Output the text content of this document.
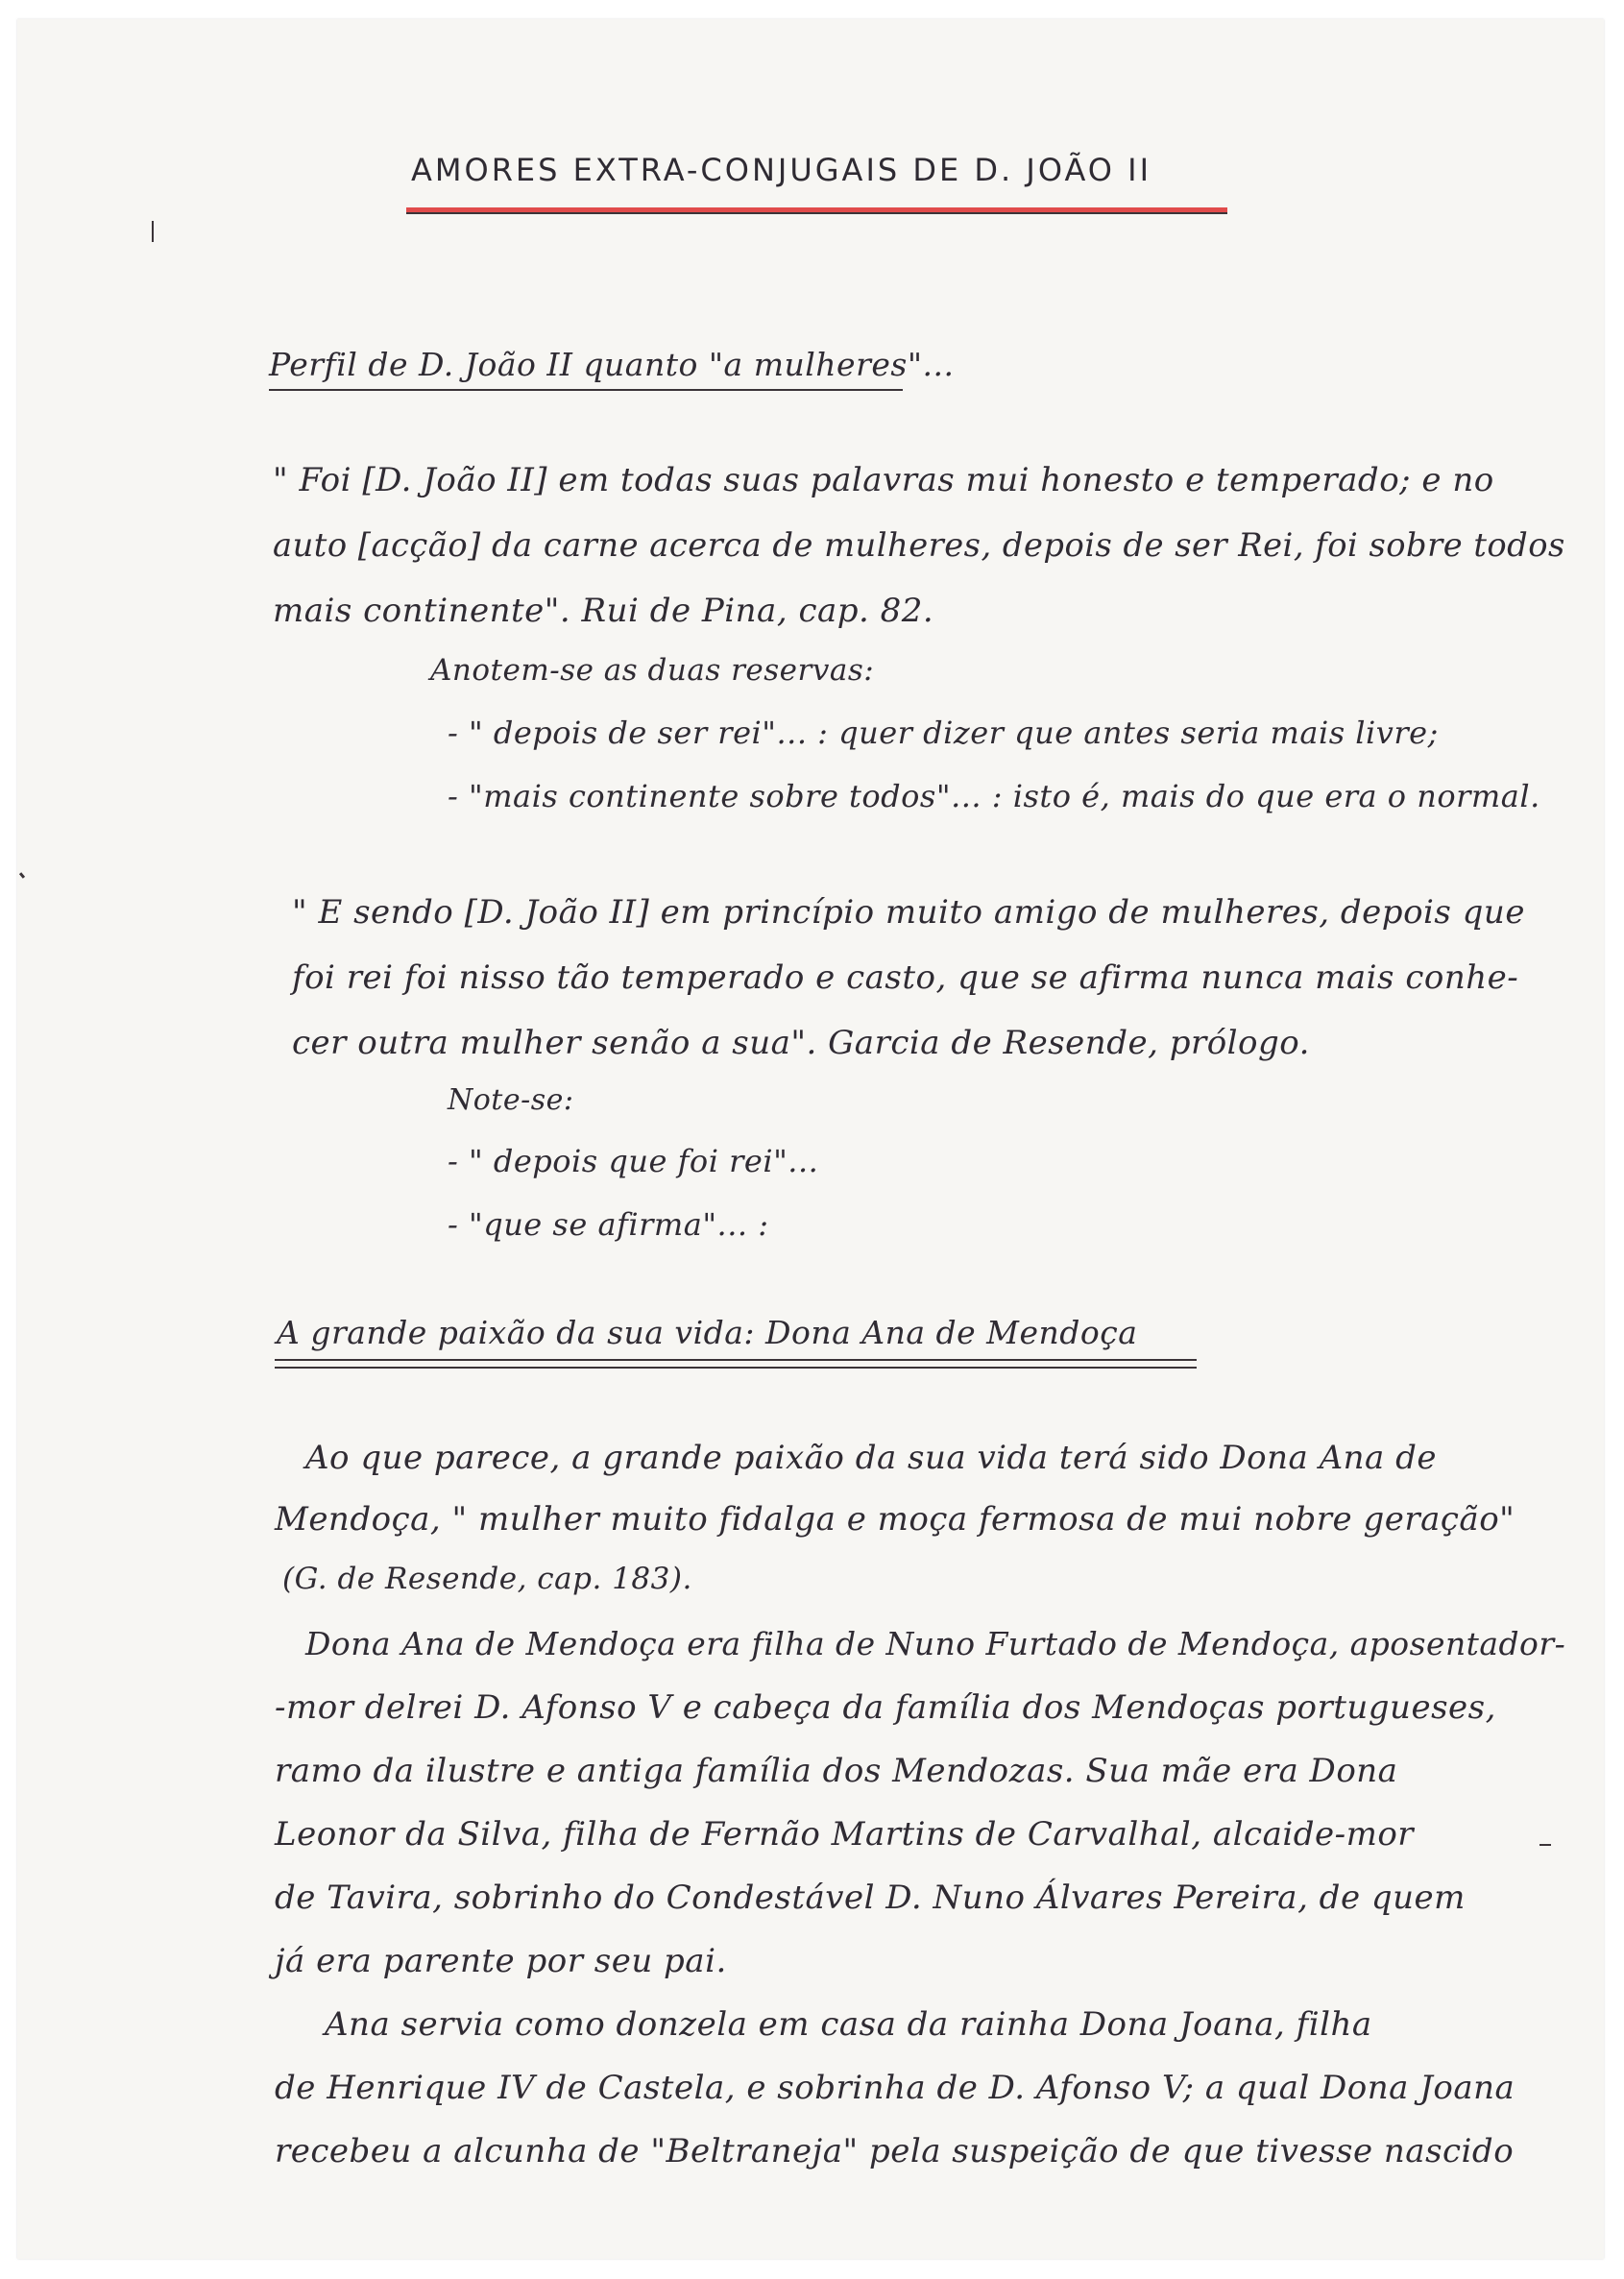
AMORES EXTRA-CONJUGAIS DE D. JOÃO II
Perfil de D. João II quanto "a mulheres"...
" Foi [D. João II] em todas suas palavras mui honesto e temperado; e no
auto [acção] da carne acerca de mulheres, depois de ser Rei, foi sobre todos
mais continente". Rui de Pina, cap. 82.
Anotem-se as duas reservas:
- " depois de ser rei"... : quer dizer que antes seria mais livre;
- "mais continente sobre todos"... : isto é, mais do que era o normal.
" E sendo [D. João II] em princípio muito amigo de mulheres, depois que
foi rei foi nisso tão temperado e casto, que se afirma nunca mais conhe-
cer outra mulher senão a sua". Garcia de Resende, prólogo.
Note-se:
- " depois que foi rei"...
- "que se afirma"... :
A grande paixão da sua vida: Dona Ana de Mendoça
Ao que parece, a grande paixão da sua vida terá sido Dona Ana de
Mendoça, " mulher muito fidalga e moça fermosa de mui nobre geração"
(G. de Resende, cap. 183).
Dona Ana de Mendoça era filha de Nuno Furtado de Mendoça, aposentador-
-mor delrei D. Afonso V e cabeça da família dos Mendoças portugueses,
ramo da ilustre e antiga família dos Mendozas. Sua mãe era Dona
Leonor da Silva, filha de Fernão Martins de Carvalhal, alcaide-mor
de Tavira, sobrinho do Condestável D. Nuno Álvares Pereira, de quem
já era parente por seu pai.
Ana servia como donzela em casa da rainha Dona Joana, filha
de Henrique IV de Castela, e sobrinha de D. Afonso V; a qual Dona Joana
recebeu a alcunha de "Beltraneja" pela suspeição de que tivesse nascido
